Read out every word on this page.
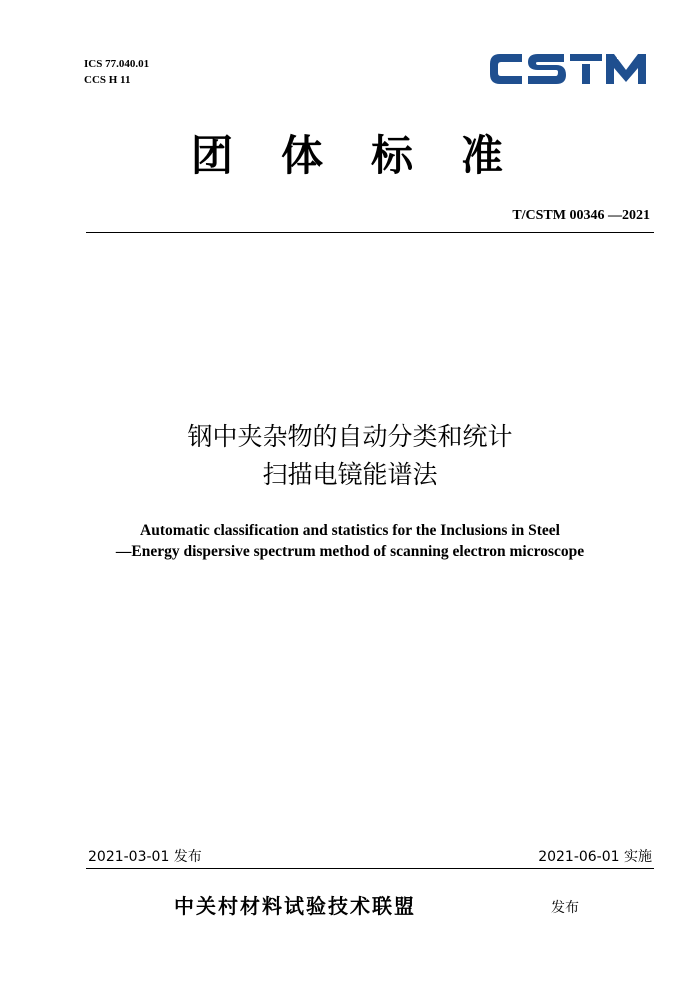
ICS 77.040.01
CCS H 11
团体标准
T/CSTM 00346 —2021
钢中夹杂物的自动分类和统计
扫描电镜能谱法
Automatic classification and statistics for the Inclusions in Steel
—Energy dispersive spectrum method of scanning electron microscope
2021-03-01 发布	2021-06-01 实施
中关村材料试验技术联盟	发布
